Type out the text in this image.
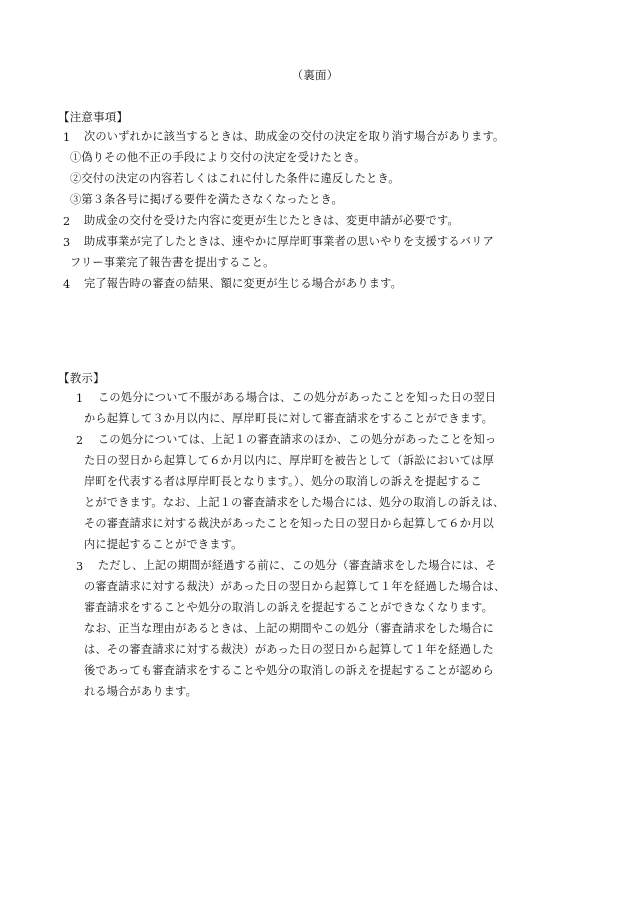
（裏面）
【注意事項】
1 次のいずれかに該当するときは、助成金の交付の決定を取り消す場合があります。
①偽りその他不正の手段により交付の決定を受けたとき。
②交付の決定の内容若しくはこれに付した条件に違反したとき。
③第３条各号に掲げる要件を満たさなくなったとき。
2 助成金の交付を受けた内容に変更が生じたときは、変更申請が必要です。
3 助成事業が完了したときは、速やかに厚岸町事業者の思いやりを支援するバリア
フリー事業完了報告書を提出すること。
4 完了報告時の審査の結果、額に変更が生じる場合があります。
【教示】
1 この処分について不服がある場合は、この処分があったことを知った日の翌日
から起算して３か月以内に、厚岸町長に対して審査請求をすることができます。
2 この処分については、上記１の審査請求のほか、この処分があったことを知っ
た日の翌日から起算して６か月以内に、厚岸町を被告として（訴訟においては厚
岸町を代表する者は厚岸町長となります。）、処分の取消しの訴えを提起するこ
とができます。なお、上記１の審査請求をした場合には、処分の取消しの訴えは、
その審査請求に対する裁決があったことを知った日の翌日から起算して６か月以
内に提起することができます。
3 ただし、上記の期間が経過する前に、この処分（審査請求をした場合には、そ
の審査請求に対する裁決）があった日の翌日から起算して１年を経過した場合は、
審査請求をすることや処分の取消しの訴えを提起することができなくなります。
なお、正当な理由があるときは、上記の期間やこの処分（審査請求をした場合に
は、その審査請求に対する裁決）があった日の翌日から起算して１年を経過した
後であっても審査請求をすることや処分の取消しの訴えを提起することが認めら
れる場合があります。
